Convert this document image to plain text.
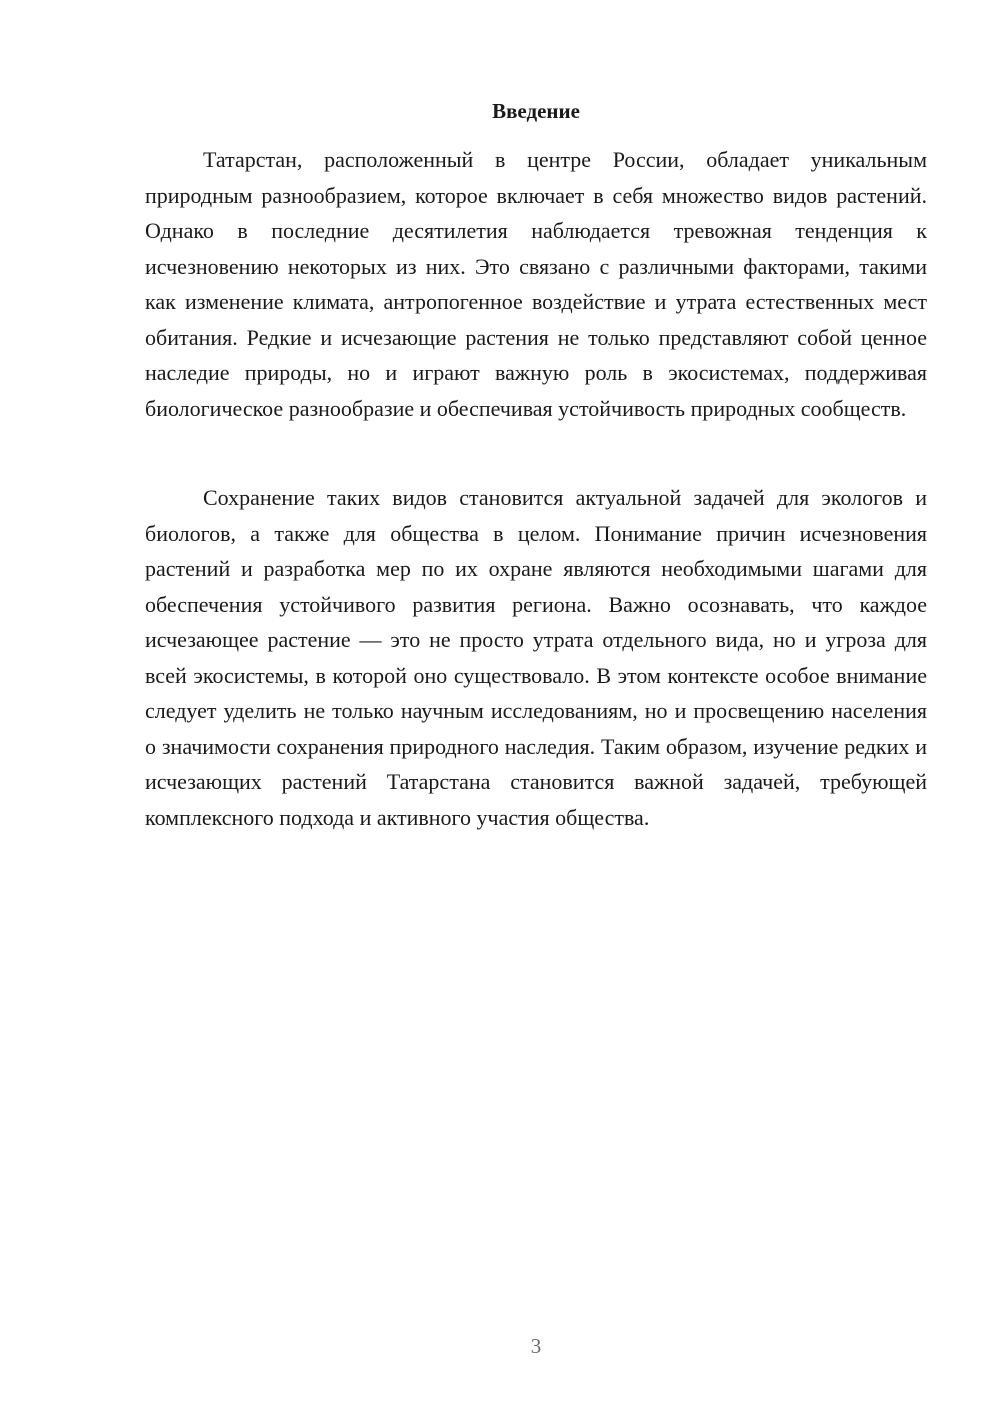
Введение

Татарстан, расположенный в центре России, обладает уникальным природным разнообразием, которое включает в себя множество видов растений. Однако в последние десятилетия наблюдается тревожная тенденция к исчезновению некоторых из них. Это связано с различными факторами, такими как изменение климата, антропогенное воздействие и утрата естественных мест обитания. Редкие и исчезающие растения не только представляют собой ценное наследие природы, но и играют важную роль в экосистемах, поддерживая биологическое разнообразие и обеспечивая устойчивость природных сообществ.

Сохранение таких видов становится актуальной задачей для экологов и биологов, а также для общества в целом. Понимание причин исчезновения растений и разработка мер по их охране являются необходимыми шагами для обеспечения устойчивого развития региона. Важно осознавать, что каждое исчезающее растение — это не просто утрата отдельного вида, но и угроза для всей экосистемы, в которой оно существовало. В этом контексте особое внимание следует уделить не только научным исследованиям, но и просвещению населения о значимости сохранения природного наследия. Таким образом, изучение редких и исчезающих растений Татарстана становится важной задачей, требующей комплексного подхода и активного участия общества.

3
